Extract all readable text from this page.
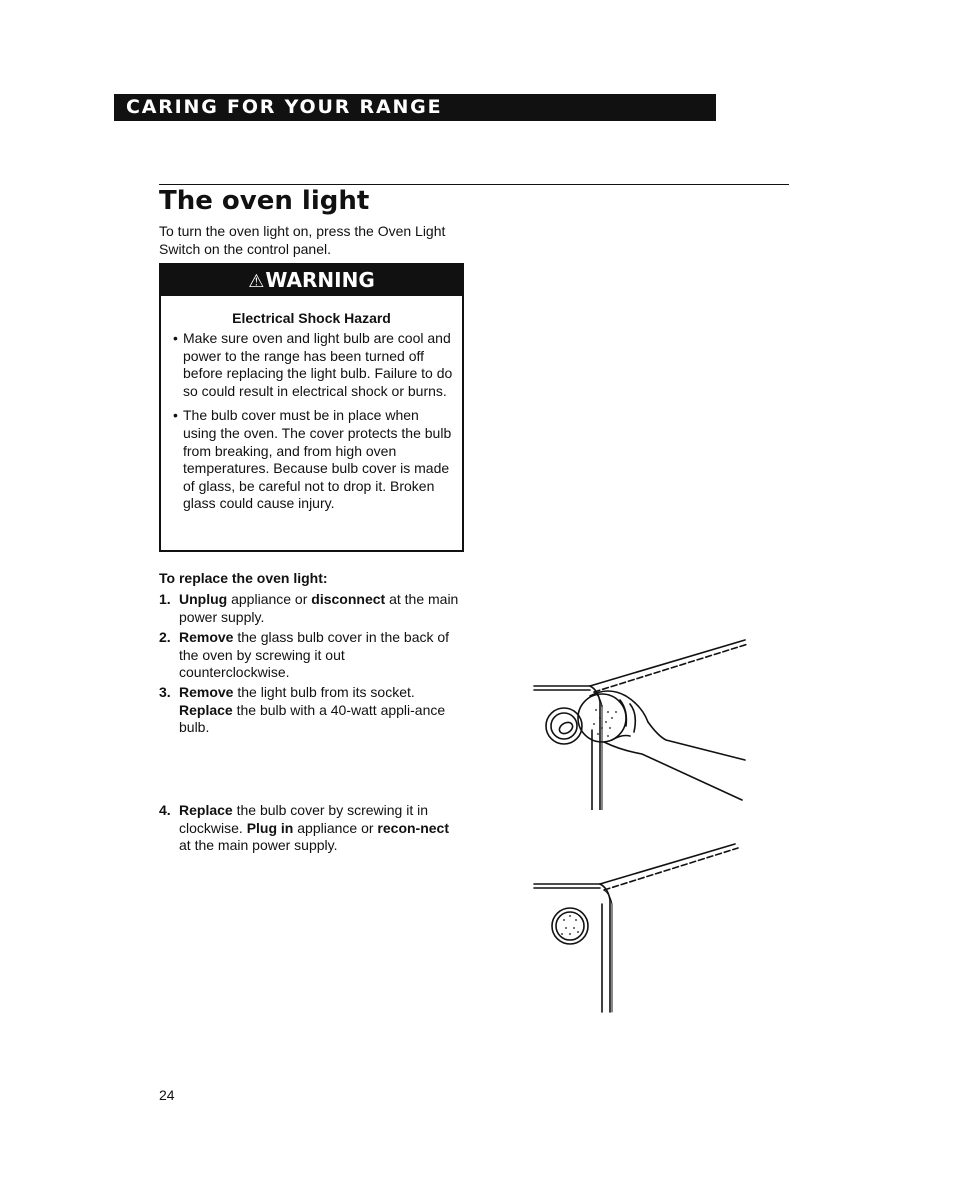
CARING FOR YOUR RANGE
The oven light
To turn the oven light on, press the Oven Light Switch on the control panel.
⚠WARNING
Electrical Shock Hazard
• Make sure oven and light bulb are cool and power to the range has been turned off before replacing the light bulb. Failure to do so could result in electrical shock or burns.
• The bulb cover must be in place when using the oven. The cover protects the bulb from breaking, and from high oven temperatures. Because bulb cover is made of glass, be careful not to drop it. Broken glass could cause injury.
To replace the oven light:
1. Unplug appliance or disconnect at the main power supply.
2. Remove the glass bulb cover in the back of the oven by screwing it out counterclockwise.
3. Remove the light bulb from its socket. Replace the bulb with a 40-watt appli-ance bulb.
4. Replace the bulb cover by screwing it in clockwise. Plug in appliance or recon-nect at the main power supply.
24
